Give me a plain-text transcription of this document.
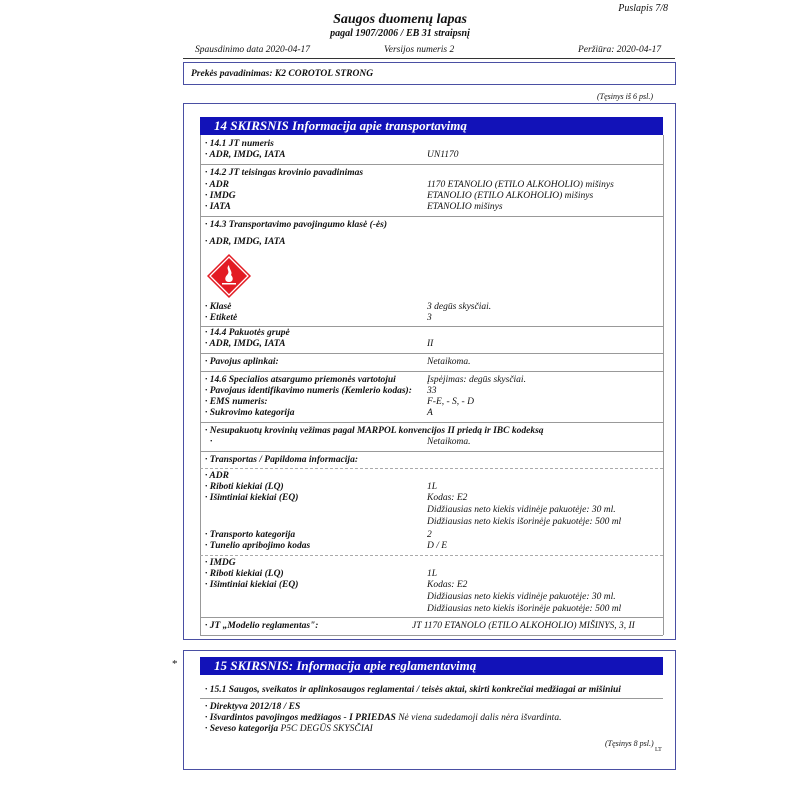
Puslapis 7/8
Saugos duomenų lapas
pagal 1907/2006 / EB 31 straipsnį
Spausdinimo data 2020-04-17	Versijos numeris 2	Peržiūra: 2020-04-17
Prekės pavadinimas: K2 COROTOL STRONG
(Tęsinys iš 6 psl.)
14 SKIRSNIS Informacija apie transportavimą
· 14.1 JT numeris
· ADR, IMDG, IATA	UN1170
· 14.2 JT teisingas krovinio pavadinimas
· ADR	1170 ETANOLIO (ETILO ALKOHOLIO) mišinys
· IMDG	ETANOLIO (ETILO ALKOHOLIO) mišinys
· IATA	ETANOLIO mišinys
· 14.3 Transportavimo pavojingumo klasė (-ės)
· ADR, IMDG, IATA
· Klasė	3 degūs skysčiai.
· Etiketė	3
· 14.4 Pakuotės grupė
· ADR, IMDG, IATA	II
· Pavojus aplinkai:	Netaikoma.
· 14.6 Specialios atsargumo priemonės vartotojui	Įspėjimas: degūs skysčiai.
· Pavojaus identifikavimo numeris (Kemlerio kodas): 33
· EMS numeris:	F-E, - S, - D
· Sukrovimo kategorija	A
· Nesupakuotų krovinių vežimas pagal MARPOL konvencijos II priedą ir IBC kodeksą
·	Netaikoma.
· Transportas / Papildoma informacija:
· ADR
· Riboti kiekiai (LQ)	1L
· Išimtiniai kiekiai (EQ)	Kodas: E2
Didžiausias neto kiekis vidinėje pakuotėje: 30 ml.
Didžiausias neto kiekis išorinėje pakuotėje: 500 ml
· Transporto kategorija	2
· Tunelio apribojimo kodas	D / E
· IMDG
· Riboti kiekiai (LQ)	1L
· Išimtiniai kiekiai (EQ)	Kodas: E2
Didžiausias neto kiekis vidinėje pakuotėje: 30 ml.
Didžiausias neto kiekis išorinėje pakuotėje: 500 ml
· JT „Modelio reglamentas":	JT 1170 ETANOLO (ETILO ALKOHOLIO) MIŠINYS, 3, II
*	15 SKIRSNIS: Informacija apie reglamentavimą
· 15.1 Saugos, sveikatos ir aplinkosaugos reglamentai / teisės aktai, skirti konkrečiai medžiagai ar mišiniui
· Direktyva 2012/18 / ES
· Išvardintos pavojingos medžiagos - I PRIEDAS Nė viena sudedamoji dalis nėra išvardinta.
· Seveso kategorija P5C DEGŪS SKYSČIAI
(Tęsinys 8 psl.)
LT
